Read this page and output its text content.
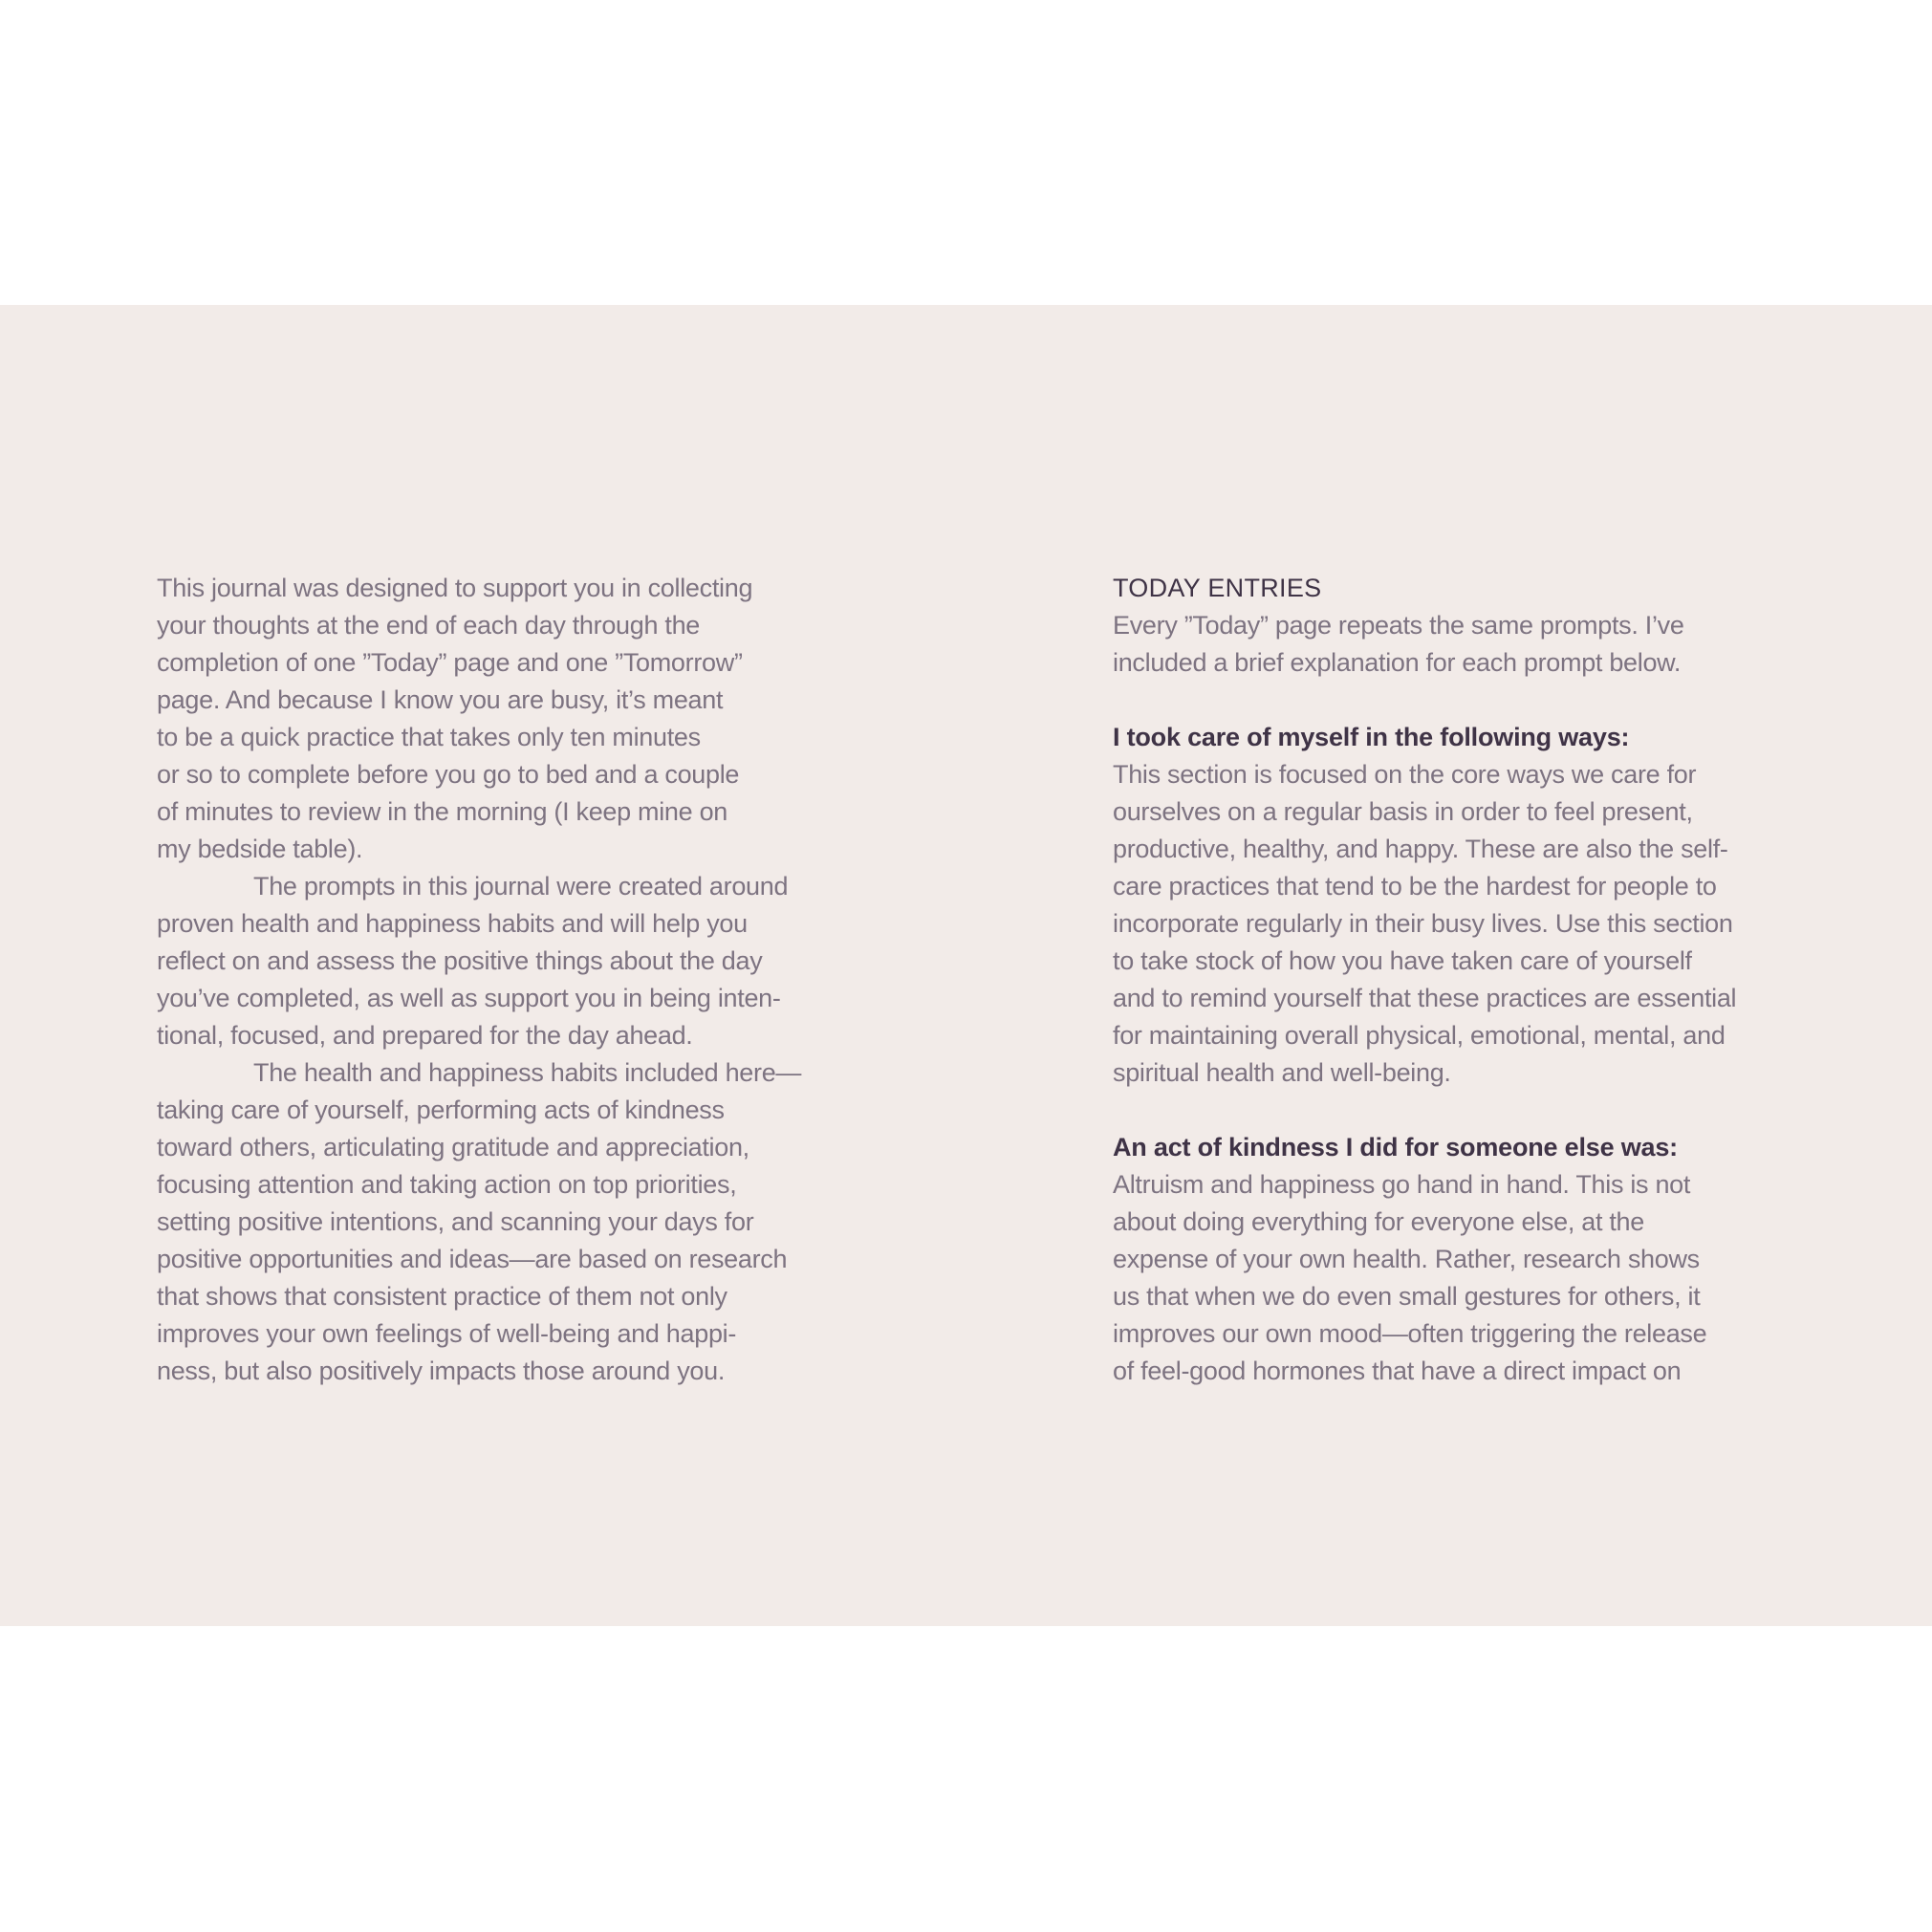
This journal was designed to support you in collecting
your thoughts at the end of each day through the
completion of one ”Today” page and one ”Tomorrow”
page. And because I know you are busy, it’s meant
to be a quick practice that takes only ten minutes
or so to complete before you go to bed and a couple
of minutes to review in the morning (I keep mine on
my bedside table).
The prompts in this journal were created around
proven health and happiness habits and will help you
reflect on and assess the positive things about the day
you’ve completed, as well as support you in being inten-
tional, focused, and prepared for the day ahead.
The health and happiness habits included here—
taking care of yourself, performing acts of kindness
toward others, articulating gratitude and appreciation,
focusing attention and taking action on top priorities,
setting positive intentions, and scanning your days for
positive opportunities and ideas—are based on research
that shows that consistent practice of them not only
improves your own feelings of well-being and happi-
ness, but also positively impacts those around you.
TODAY ENTRIES
Every ”Today” page repeats the same prompts. I’ve
included a brief explanation for each prompt below.
I took care of myself in the following ways:
This section is focused on the core ways we care for
ourselves on a regular basis in order to feel present,
productive, healthy, and happy. These are also the self-
care practices that tend to be the hardest for people to
incorporate regularly in their busy lives. Use this section
to take stock of how you have taken care of yourself
and to remind yourself that these practices are essential
for maintaining overall physical, emotional, mental, and
spiritual health and well-being.
An act of kindness I did for someone else was:
Altruism and happiness go hand in hand. This is not
about doing everything for everyone else, at the
expense of your own health. Rather, research shows
us that when we do even small gestures for others, it
improves our own mood—often triggering the release
of feel-good hormones that have a direct impact on
